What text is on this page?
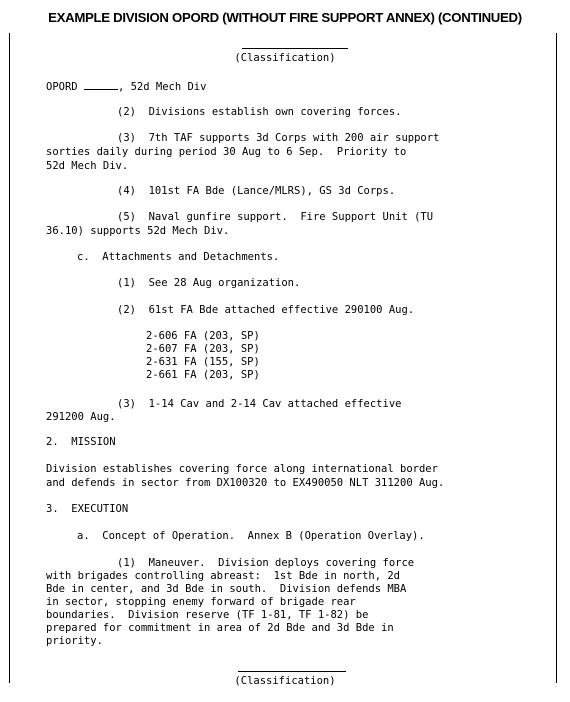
EXAMPLE DIVISION OPORD (WITHOUT FIRE SUPPORT ANNEX) (CONTINUED)
(Classification)
OPORD	, 52d Mech Div
(2)  Divisions establish own covering forces.
(3)  7th TAF supports 3d Corps with 200 air support
sorties daily during period 30 Aug to 6 Sep.  Priority to
52d Mech Div.
(4)  101st FA Bde (Lance/MLRS), GS 3d Corps.
(5)  Naval gunfire support.  Fire Support Unit (TU
36.10) supports 52d Mech Div.
c.  Attachments and Detachments.
(1)  See 28 Aug organization.
(2)  61st FA Bde attached effective 290100 Aug.
2-606 FA (203, SP)
2-607 FA (203, SP)
2-631 FA (155, SP)
2-661 FA (203, SP)
(3)  1-14 Cav and 2-14 Cav attached effective
291200 Aug.
2.  MISSION
Division establishes covering force along international border
and defends in sector from DX100320 to EX490050 NLT 311200 Aug.
3.  EXECUTION
a.  Concept of Operation.  Annex B (Operation Overlay).
(1)  Maneuver.  Division deploys covering force
with brigades controlling abreast:  1st Bde in north, 2d
Bde in center, and 3d Bde in south.  Division defends MBA
in sector, stopping enemy forward of brigade rear
boundaries.  Division reserve (TF 1-81, TF 1-82) be
prepared for commitment in area of 2d Bde and 3d Bde in
priority.
(Classification)
